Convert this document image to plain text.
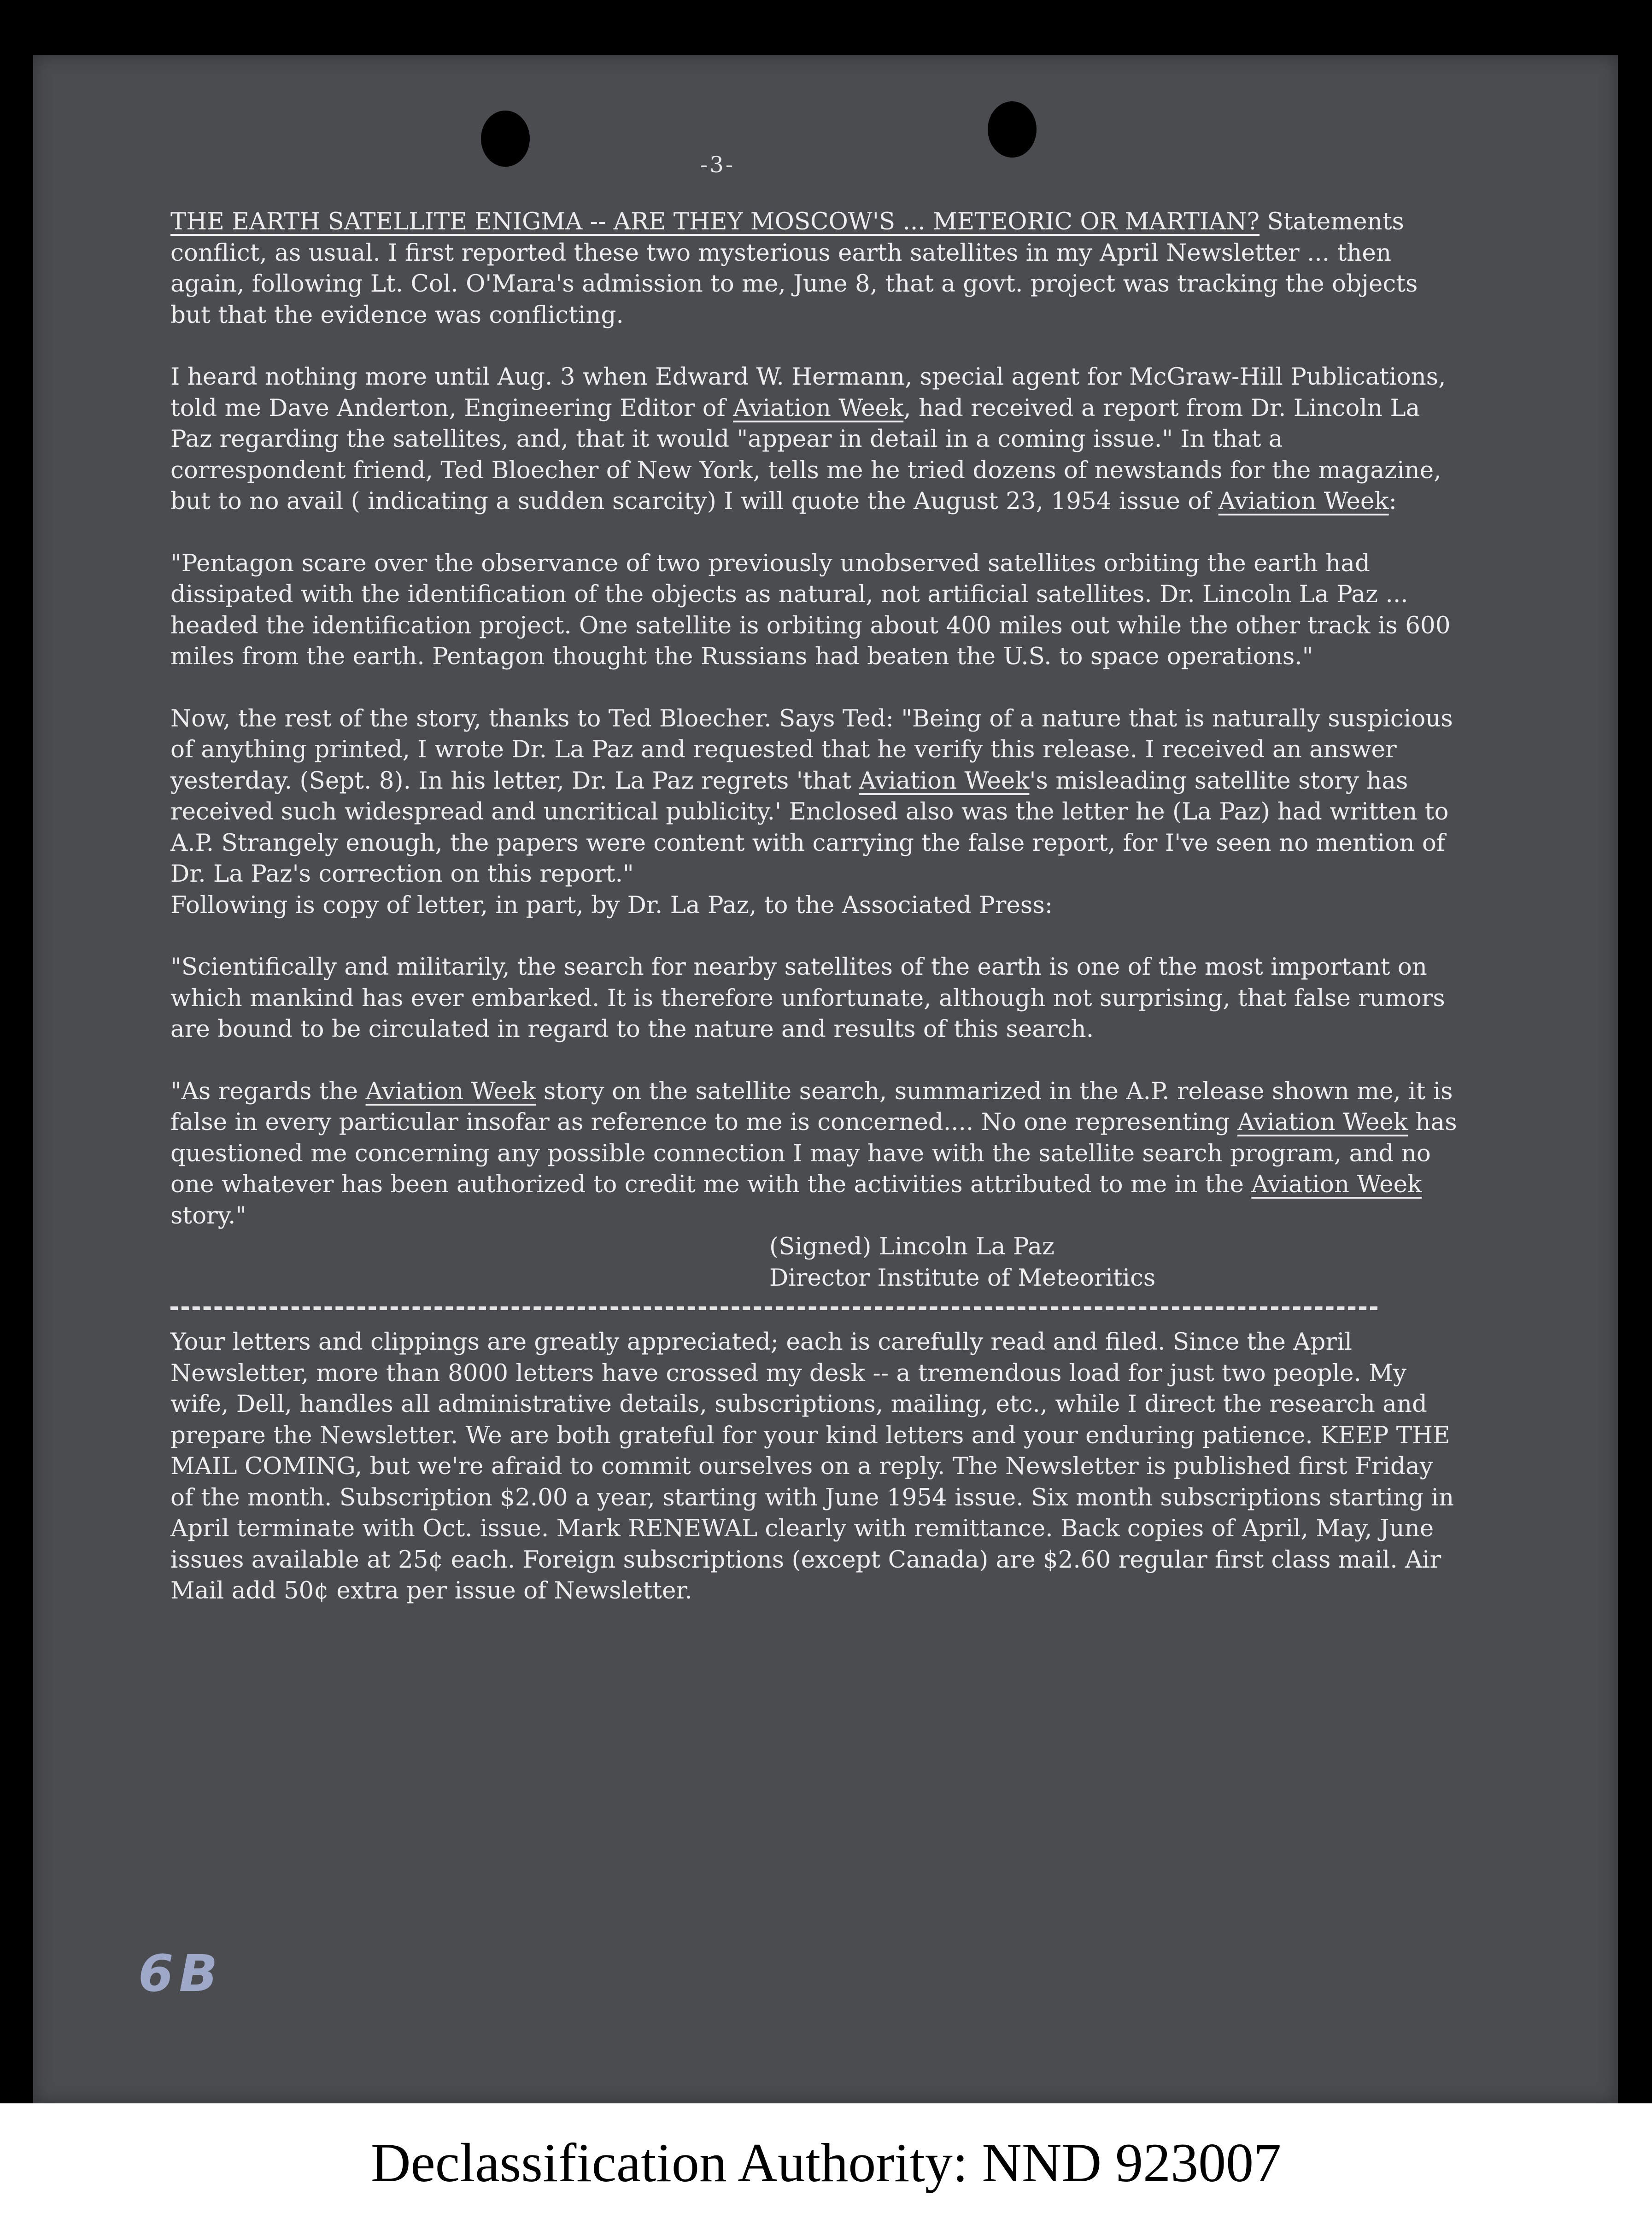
-3-

THE EARTH SATELLITE ENIGMA -- ARE THEY MOSCOW'S ... METEORIC OR MARTIAN? Statements conflict, as usual. I first reported these two mysterious earth satellites in my April Newsletter ... then again, following Lt. Col. O'Mara's admission to me, June 8, that a govt. project was tracking the objects but that the evidence was conflicting.

I heard nothing more until Aug. 3 when Edward W. Hermann, special agent for McGraw-Hill Publications, told me Dave Anderton, Engineering Editor of Aviation Week, had received a report from Dr. Lincoln La Paz regarding the satellites, and, that it would "appear in detail in a coming issue." In that a correspondent friend, Ted Bloecher of New York, tells me he tried dozens of newstands for the magazine, but to no avail ( indicating a sudden scarcity) I will quote the August 23, 1954 issue of Aviation Week:

"Pentagon scare over the observance of two previously unobserved satellites orbiting the earth had dissipated with the identification of the objects as natural, not artificial satellites. Dr. Lincoln La Paz ... headed the identification project. One satellite is orbiting about 400 miles out while the other track is 600 miles from the earth. Pentagon thought the Russians had beaten the U.S. to space operations."

Now, the rest of the story, thanks to Ted Bloecher. Says Ted: "Being of a nature that is naturally suspicious of anything printed, I wrote Dr. La Paz and requested that he verify this release. I received an answer yesterday. (Sept. 8). In his letter, Dr. La Paz regrets 'that Aviation Week's misleading satellite story has received such widespread and uncritical publicity.' Enclosed also was the letter he (La Paz) had written to A.P. Strangely enough, the papers were content with carrying the false report, for I've seen no mention of Dr. La Paz's correction on this report."

Following is copy of letter, in part, by Dr. La Paz, to the Associated Press:

"Scientifically and militarily, the search for nearby satellites of the earth is one of the most important on which mankind has ever embarked. It is therefore unfortunate, although not surprising, that false rumors are bound to be circulated in regard to the nature and results of this search.

"As regards the Aviation Week story on the satellite search, summarized in the A.P. release shown me, it is false in every particular insofar as reference to me is concerned.... No one representing Aviation Week has questioned me concerning any possible connection I may have with the satellite search program, and no one whatever has been authorized to credit me with the activities attributed to me in the Aviation Week story."

(Signed) Lincoln La Paz
Director Institute of Meteoritics

Your letters and clippings are greatly appreciated; each is carefully read and filed. Since the April Newsletter, more than 8000 letters have crossed my desk -- a tremendous load for just two people. My wife, Dell, handles all administrative details, subscriptions, mailing, etc., while I direct the research and prepare the Newsletter. We are both grateful for your kind letters and your enduring patience. KEEP THE MAIL COMING, but we're afraid to commit ourselves on a reply. The Newsletter is published first Friday of the month. Subscription $2.00 a year, starting with June 1954 issue. Six month subscriptions starting in April terminate with Oct. issue. Mark RENEWAL clearly with remittance. Back copies of April, May, June issues available at 25¢ each. Foreign subscriptions (except Canada) are $2.60 regular first class mail. Air Mail add 50¢ extra per issue of Newsletter.

6B
Declassification Authority: NND 923007
